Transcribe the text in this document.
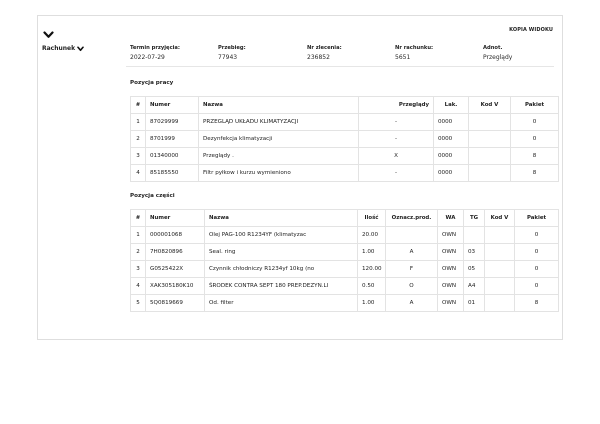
KOPIA WIDOKU
Rachunek	Termin przyjęcia:
2022-07-29
Przebieg:
77943
Nr zlecenia:
236852
Nr rachunku:
5651
Adnot.
Przeglądy
Pozycja pracy
#	Numer	Nazwa	Przeglądy	Lak.	Kod V	Pakiet
1	87029999	PRZEGLĄD UKŁADU KLIMATYZACJI	-	0000		0
2	8701999	Dezynfekcja klimatyzacji	-	0000		0
3	01340000	Przeglądy .	X	0000		8
4	85185550	Filtr pyłkow i kurzu wymieniono	-	0000		8
Pozycja części
#	Numer	Nazwa	Ilość	Oznacz.prod.	WA	TG	Kod V	Pakiet
1	000001068	Olej PAG-100 R1234YF (klimatyzac	20.00		OWN			0
2	7H0820896	Seal. ring	1.00	A	OWN	03		0
3	G0525422X	Czynnik chłodniczy R1234yf 10kg (no	120.00	F	OWN	05		0
4	XAK305180K10	ŚRODEK CONTRA SEPT 180 PREP.DEZYN.LI	0.50	O	OWN	A4		0
5	5Q0819669	Od. filter	1.00	A	OWN	01		8
